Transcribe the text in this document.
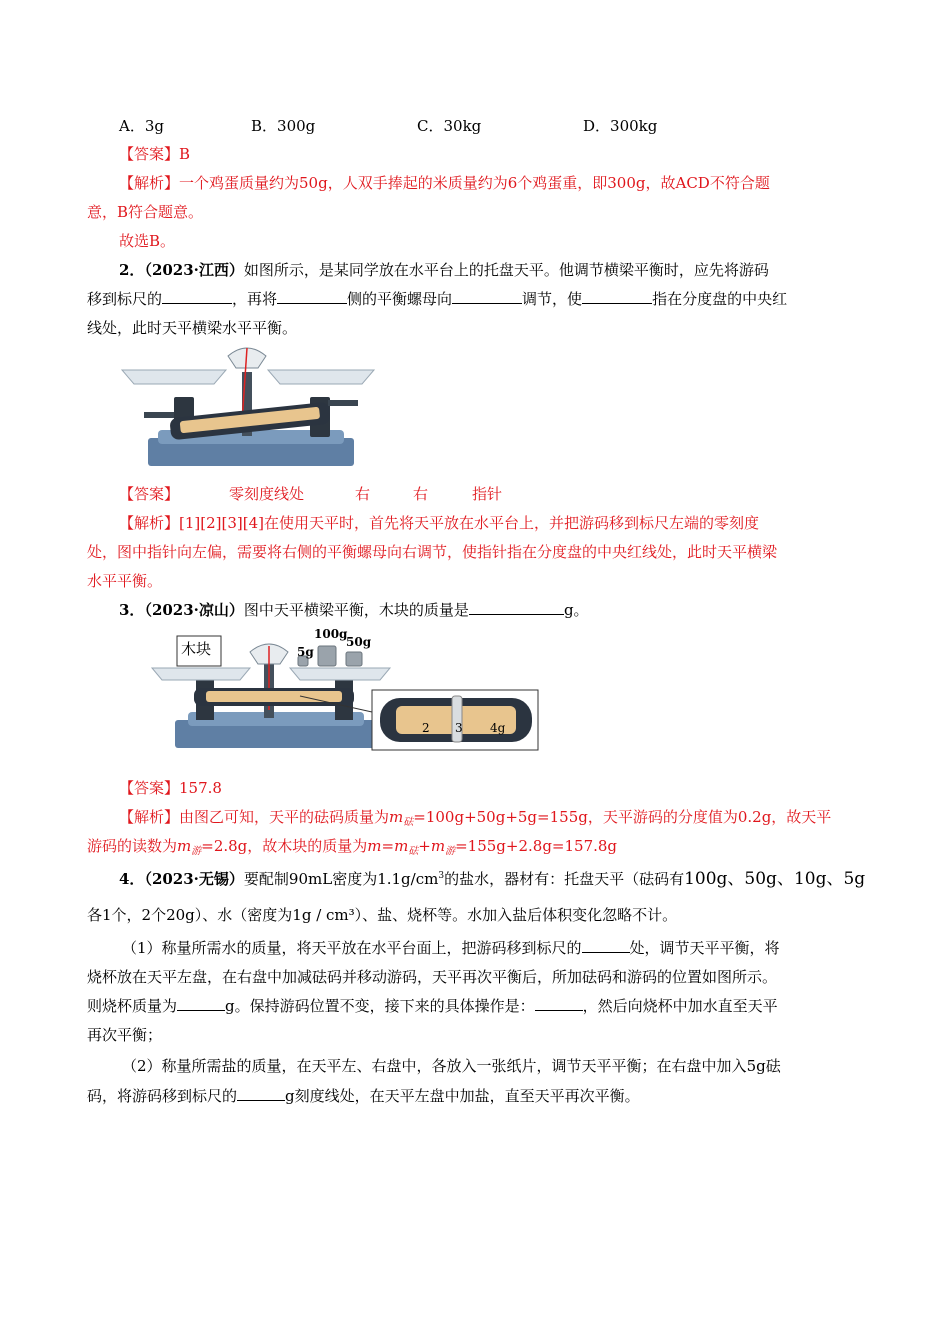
A．3g	B．300g	C．30kg	D．300kg
【答案】B
【解析】一个鸡蛋质量约为50g，人双手捧起的米质量约为6个鸡蛋重，即300g，故ACD不符合题
意，B符合题意。
故选B。
2．（2023·江西）如图所示，是某同学放在水平台上的托盘天平。他调节横梁平衡时，应先将游码
移到标尺的	，再将	侧的平衡螺母向	调节，使	指在分度盘的中央红
线处，此时天平横梁水平平衡。
【答案】	零刻度线处	右	右	指针
【解析】[1][2][3][4]在使用天平时，首先将天平放在水平台上，并把游码移到标尺左端的零刻度
处，图中指针向左偏，需要将右侧的平衡螺母向右调节，使指针指在分度盘的中央红线处，此时天平横梁
水平平衡。
3．（2023·凉山）图中天平横梁平衡，木块的质量是	g。
木块
100g
50g
5g
2 3 4g
【答案】157.8
【解析】由图乙可知，天平的砝码质量为$m_砝=100g+50g+5g=155g$，天平游码的分度值为0.2g，故天平
游码的读数为$m_游=2.8g$，故木块的质量为$m=m_砝+m_游=155g+2.8g=157.8g$
4．（2023·无锡）要配制90mL密度为$1.1g/cm^3$的盐水，器材有：托盘天平（砝码有100g、50g、10g、5g
各1个，2个20g）、水（密度为1g / cm³）、盐、烧杯等。水加入盐后体积变化忽略不计。
（1）称量所需水的质量，将天平放在水平台面上，把游码移到标尺的	处，调节天平平衡，将
烧杯放在天平左盘，在右盘中加减砝码并移动游码，天平再次平衡后，所加砝码和游码的位置如图所示。
则烧杯质量为	g。保持游码位置不变，接下来的具体操作是：	，然后向烧杯中加水直至天平
再次平衡；
（2）称量所需盐的质量，在天平左、右盘中，各放入一张纸片，调节天平平衡；在右盘中加入5g砝
码，将游码移到标尺的	g刻度线处，在天平左盘中加盐，直至天平再次平衡。
